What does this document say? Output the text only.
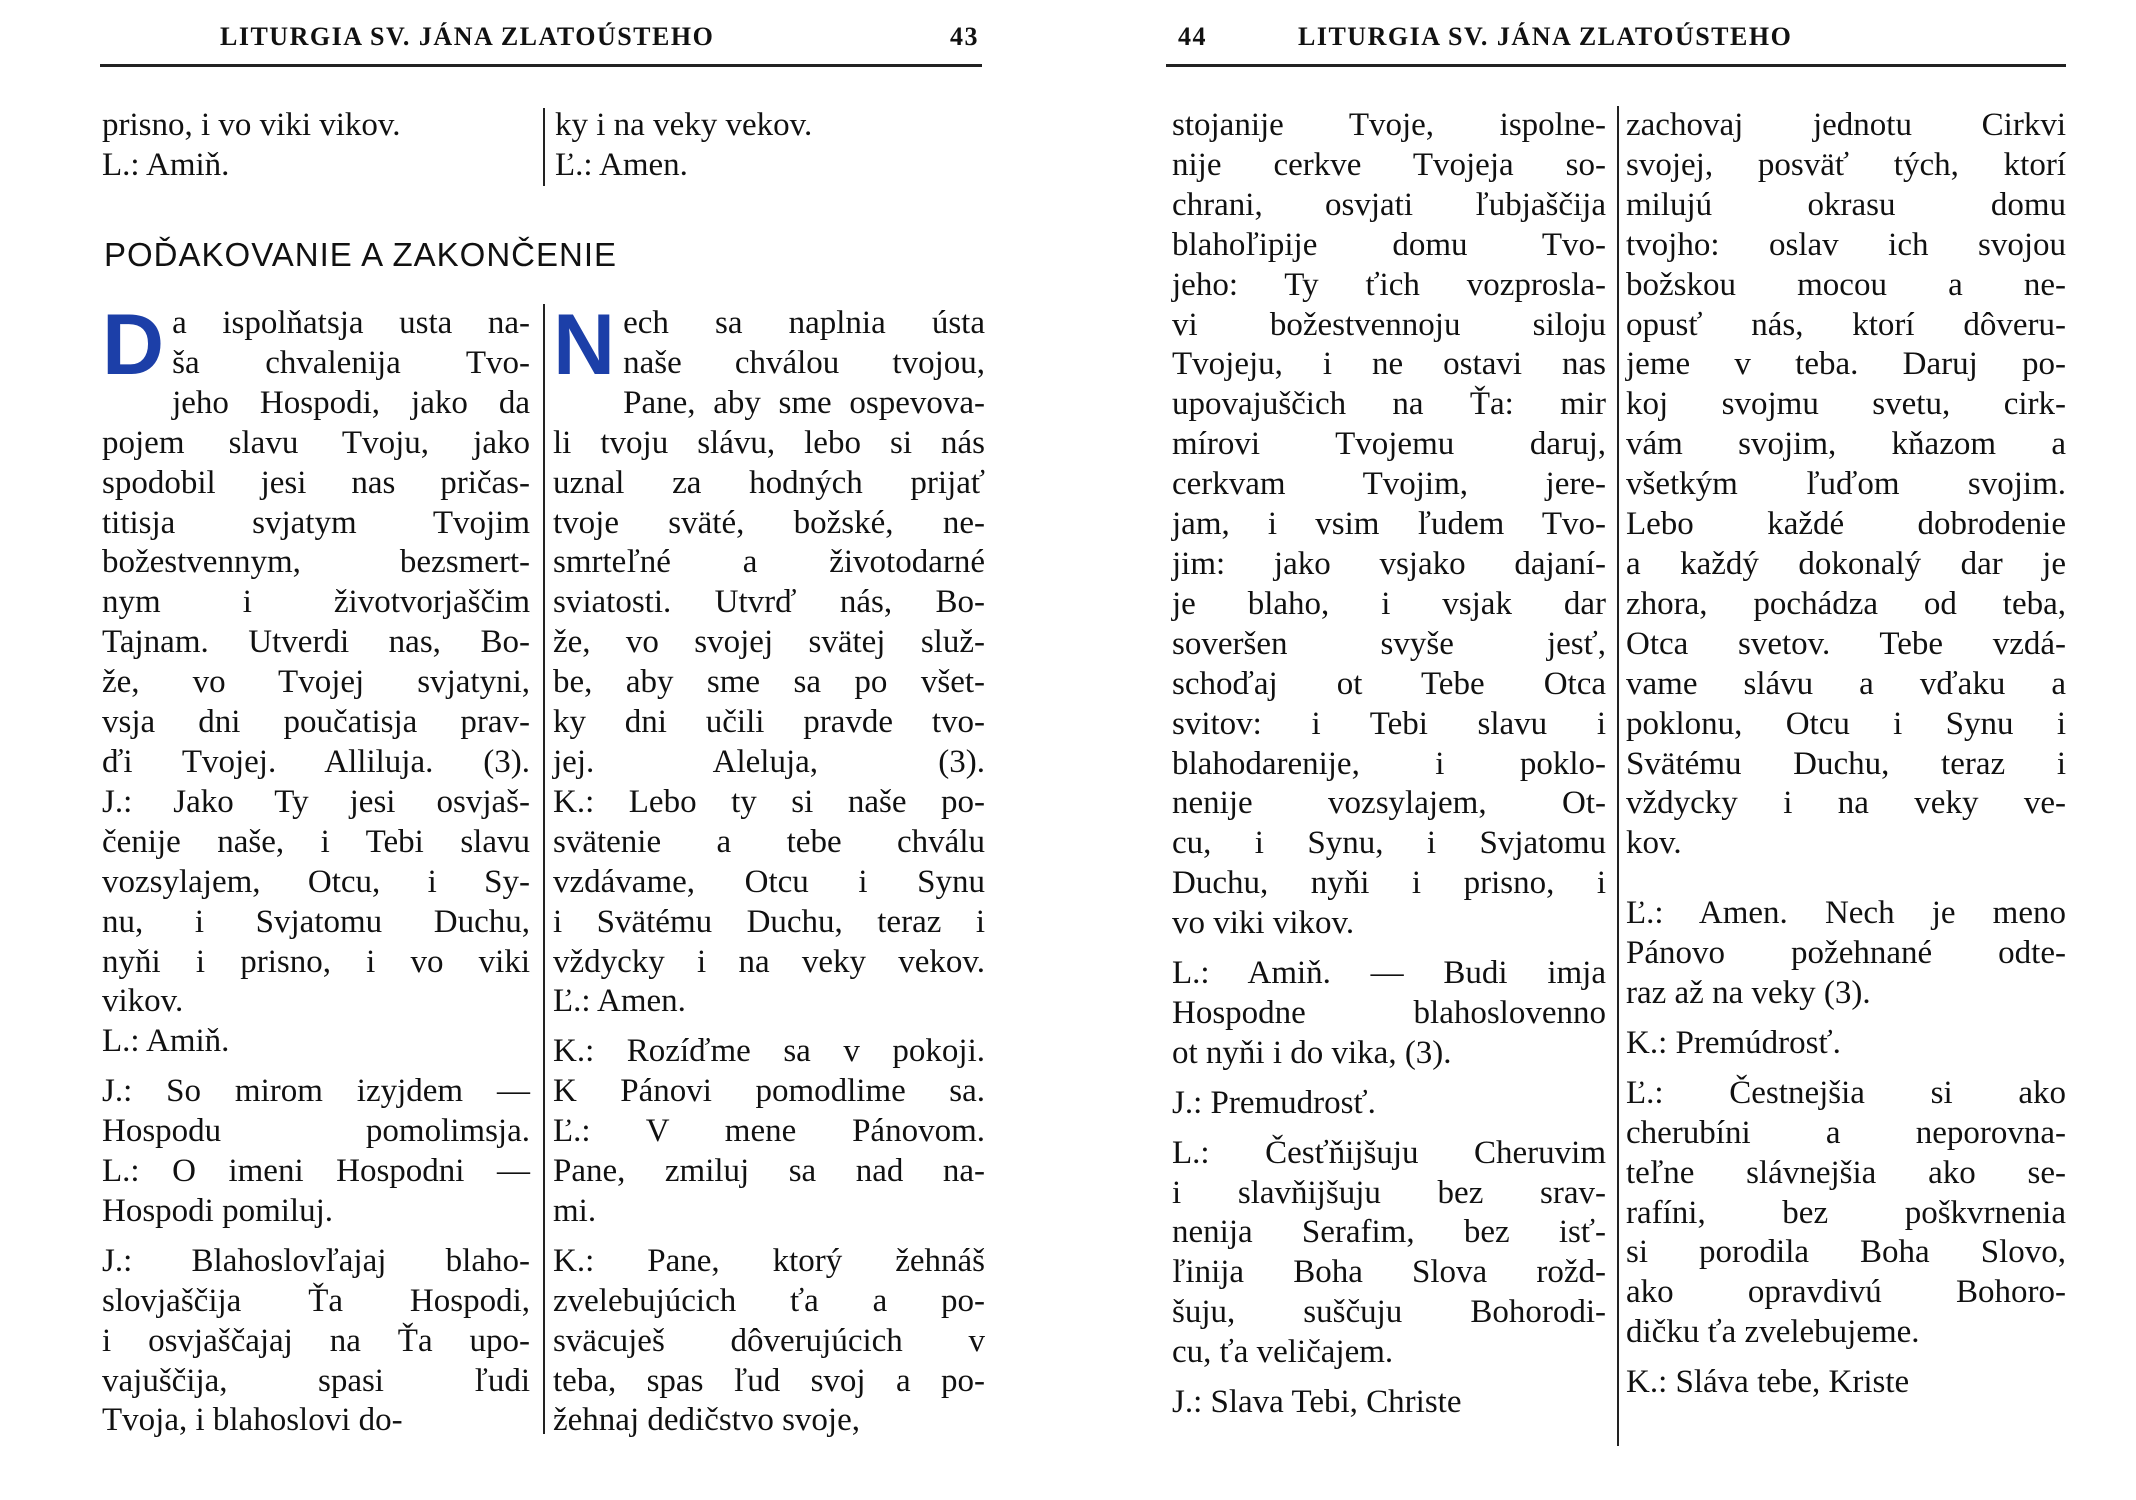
LITURGIA SV. JÁNA ZLATOÚSTEHO	43

prisno, i vo viki vikov.

L.: Amiň.

ky i na veky vekov.

Ľ.: Amen.

POĎAKOVANIE A ZAKONČENIE
D a ispolňatsja usta na-

ša chvalenija Tvo-

jeho Hospodi, jako da

pojem slavu Tvoju, jako

spodobil jesi nas pričas-

titisja svjatym Tvojim

božestvennym, bezsmert-

nym i životvorjaščim

Tajnam. Utverdi nas, Bo-

že, vo Tvojej svjatyni,

vsja dni poučatisja prav-

ďi Tvojej. Alliluja. (3).

J.: Jako Ty jesi osvjaš-

čenije naše, i Tebi slavu

vozsylajem, Otcu, i Sy-

nu, i Svjatomu Duchu,

nyňi i prisno, i vo viki

vikov.

L.: Amiň.

J.: So mirom izyjdem —

Hospodu pomolimsja.

L.: O imeni Hospodni —

Hospodi pomiluj.

J.: Blahoslovľajaj blaho-

slovjaščija Ťa Hospodi,

i osvjaščajaj na Ťa upo-

vajuščija, spasi ľudi

Tvoja, i blahoslovi do-

N ech sa naplnia ústa

naše chválou tvojou,

Pane, aby sme ospevova-

li tvoju slávu, lebo si nás

uznal za hodných prijať

tvoje sväté, božské, ne-

smrteľné a životodarné

sviatosti. Utvrď nás, Bo-

že, vo svojej svätej služ-

be, aby sme sa po všet-

ky dni učili pravde tvo-

jej. Aleluja, (3).

K.: Lebo ty si naše po-

svätenie a tebe chválu

vzdávame, Otcu i Synu

i Svätému Duchu, teraz i

vždycky i na veky vekov.

Ľ.: Amen.

K.: Rozíďme sa v pokoji.

K Pánovi pomodlime sa.

Ľ.: V mene Pánovom.

Pane, zmiluj sa nad na-

mi.

K.: Pane, ktorý žehnáš

zvelebujúcich ťa a po-

sväcuješ dôverujúcich v

teba, spas ľud svoj a po-

žehnaj dedičstvo svoje,

44	LITURGIA SV. JÁNA ZLATOÚSTEHO

stojanije Tvoje, ispolne-

nije cerkve Tvojeja so-

chrani, osvjati ľubjaščija

blahoľipije domu Tvo-

jeho: Ty ťich vozprosla-

vi božestvennoju siloju

Tvojeju, i ne ostavi nas

upovajuščich na Ťa: mir

mírovi Tvojemu daruj,

cerkvam Tvojim, jere-

jam, i vsim ľudem Tvo-

jim: jako vsjako dajaní-

je blaho, i vsjak dar

soveršen svyše jesť,

schoďaj ot Tebe Otca

svitov: i Tebi slavu i

blahodarenije, i poklo-

nenije vozsylajem, Ot-

cu, i Synu, i Svjatomu

Duchu, nyňi i prisno, i

vo viki vikov.

L.: Amiň. — Budi imja

Hospodne blahoslovenno

ot nyňi i do vika, (3).

J.: Premudrosť.

L.: Česťňijšuju Cheruvim

i slavňijšuju bez srav-

nenija Serafim, bez isť-

ľinija Boha Slova rožd-

šuju, suščuju Bohorodi-

cu, ťa veličajem.

J.: Slava Tebi, Christe

zachovaj jednotu Cirkvi

svojej, posväť tých, ktorí

milujú okrasu domu

tvojho: oslav ich svojou

božskou mocou a ne-

opusť nás, ktorí dôveru-

jeme v teba. Daruj po-

koj svojmu svetu, cirk-

vám svojim, kňazom a

všetkým ľuďom svojim.

Lebo každé dobrodenie

a každý dokonalý dar je

zhora, pochádza od teba,

Otca svetov. Tebe vzdá-

vame slávu a vďaku a

poklonu, Otcu i Synu i

Svätému Duchu, teraz i

vždycky i na veky ve-

kov.

Ľ.: Amen. Nech je meno

Pánovo požehnané odte-

raz až na veky (3).

K.: Premúdrosť.

Ľ.: Čestnejšia si ako

cherubíni a neporovna-

teľne slávnejšia ako se-

rafíni, bez poškvrnenia

si porodila Boha Slovo,

ako opravdivú Bohoro-

dičku ťa zvelebujeme.

K.: Sláva tebe, Kriste
